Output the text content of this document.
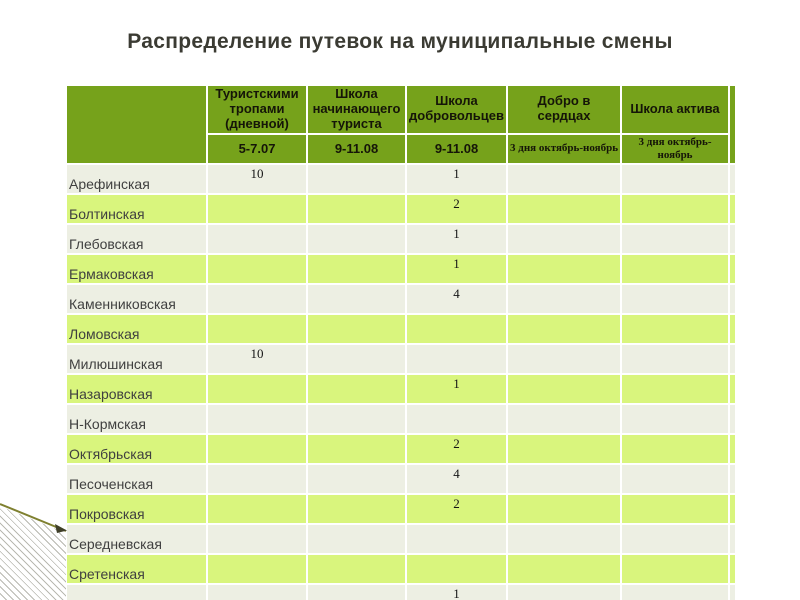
Распределение путевок на муниципальные смены
	Туристскими тропами (дневной)	Школа начинающего туриста	Школа добровольцев	Добро в сердцах	Школа актива	
	5-7.07	9-11.08	9-11.08	3 дня октябрь-ноябрь	3 дня октябрь-ноябрь	
Арефинская	10		1			
Болтинская			2			
Глебовская			1			
Ермаковская			1			
Каменниковская			4			
Ломовская						
Милюшинская	10					
Назаровская			1			
Н-Кормская						
Октябрьская			2			
Песоченская			4			
Покровская			2			
Середневская						
Сретенская						
			1			
